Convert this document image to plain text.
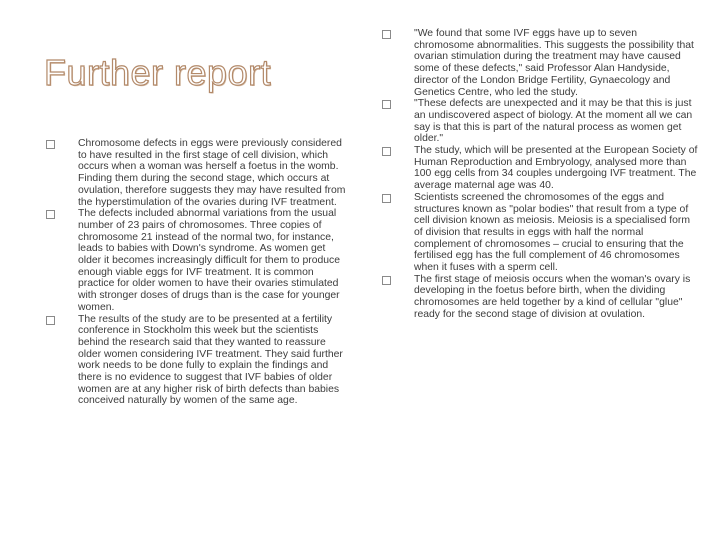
Further report
Chromosome defects in eggs were previously considered to have resulted in the first stage of cell division, which occurs when a woman was herself a foetus in the womb. Finding them during the second stage, which occurs at ovulation, therefore suggests they may have resulted from the hyperstimulation of the ovaries during IVF treatment.
The defects included abnormal variations from the usual number of 23 pairs of chromosomes. Three copies of chromosome 21 instead of the normal two, for instance, leads to babies with Down's syndrome. As women get older it becomes increasingly difficult for them to produce enough viable eggs for IVF treatment. It is common practice for older women to have their ovaries stimulated with stronger doses of drugs than is the case for younger women.
The results of the study are to be presented at a fertility conference in Stockholm this week but the scientists behind the research said that they wanted to reassure older women considering IVF treatment. They said further work needs to be done fully to explain the findings and there is no evidence to suggest that IVF babies of older women are at any higher risk of birth defects than babies conceived naturally by women of the same age.
"We found that some IVF eggs have up to seven chromosome abnormalities. This suggests the possibility that ovarian stimulation during the treatment may have caused some of these defects," said Professor Alan Handyside, director of the London Bridge Fertility, Gynaecology and Genetics Centre, who led the study.
"These defects are unexpected and it may be that this is just an undiscovered aspect of biology. At the moment all we can say is that this is part of the natural process as women get older."
The study, which will be presented at the European Society of Human Reproduction and Embryology, analysed more than 100 egg cells from 34 couples undergoing IVF treatment. The average maternal age was 40.
Scientists screened the chromosomes of the eggs and structures known as "polar bodies" that result from a type of cell division known as meiosis. Meiosis is a specialised form of division that results in eggs with half the normal complement of chromosomes – crucial to ensuring that the fertilised egg has the full complement of 46 chromosomes when it fuses with a sperm cell.
The first stage of meiosis occurs when the woman's ovary is developing in the foetus before birth, when the dividing chromosomes are held together by a kind of cellular "glue" ready for the second stage of division at ovulation.
